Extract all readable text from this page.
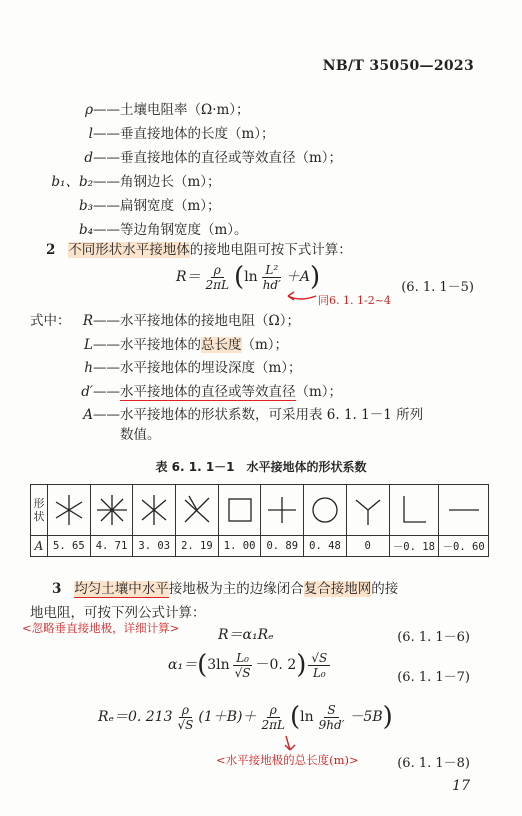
NB/T 35050—2023
ρ——土壤电阻率（Ω·m）；
l——垂直接地体的长度（m）；
d——垂直接地体的直径或等效直径（m）；
b₁、b₂——角钢边长（m）；
b₃——扁钢宽度（m）；
b₄——等边角钢宽度（m）。
2 不同形状水平接地体的接地电阻可按下式计算：
$R= \frac{\rho}{2\pi L} (\ln \frac{\text{L²}}{hd'} +A)$	(6. 1. 1－5)
同6. 1. 1-2~4
式中： R——水平接地体的接地电阻（Ω）；
L——水平接地体的总长度（m）；
h——水平接地体的埋设深度（m）；
d′——水平接地体的直径或等效直径（m）；
A——水平接地体的形状系数，可采用表 6. 1. 1－1 所列
数值。
表 6. 1. 1－1　水平接地体的形状系数
形状	

A	5. 65	4. 71	3. 03	2. 19	1. 00	0. 89	0. 48	0	－0. 18	－0. 60
3 均匀土壤中水平接地极为主的边缘闭合复合接地网的接
地电阻，可按下列公式计算：
<忽略垂直接地极，详细计算>	R＝α₁Rₑ	(6. 1. 1－6)
$\alpha_1=(3\ln \frac{\text{L₀}}{√S} -0$. $2) \frac{√S}{\text{L₀}}$	(6. 1. 1－7)
Rₑ＝0. $213 \frac{\rho}{√S} (1+B)+ \frac{\rho}{2\pi L} (\ln \frac{S}{9hd'} -5B)$
<水平接地极的总长度(m)>	(6. 1. 1－8)
17
